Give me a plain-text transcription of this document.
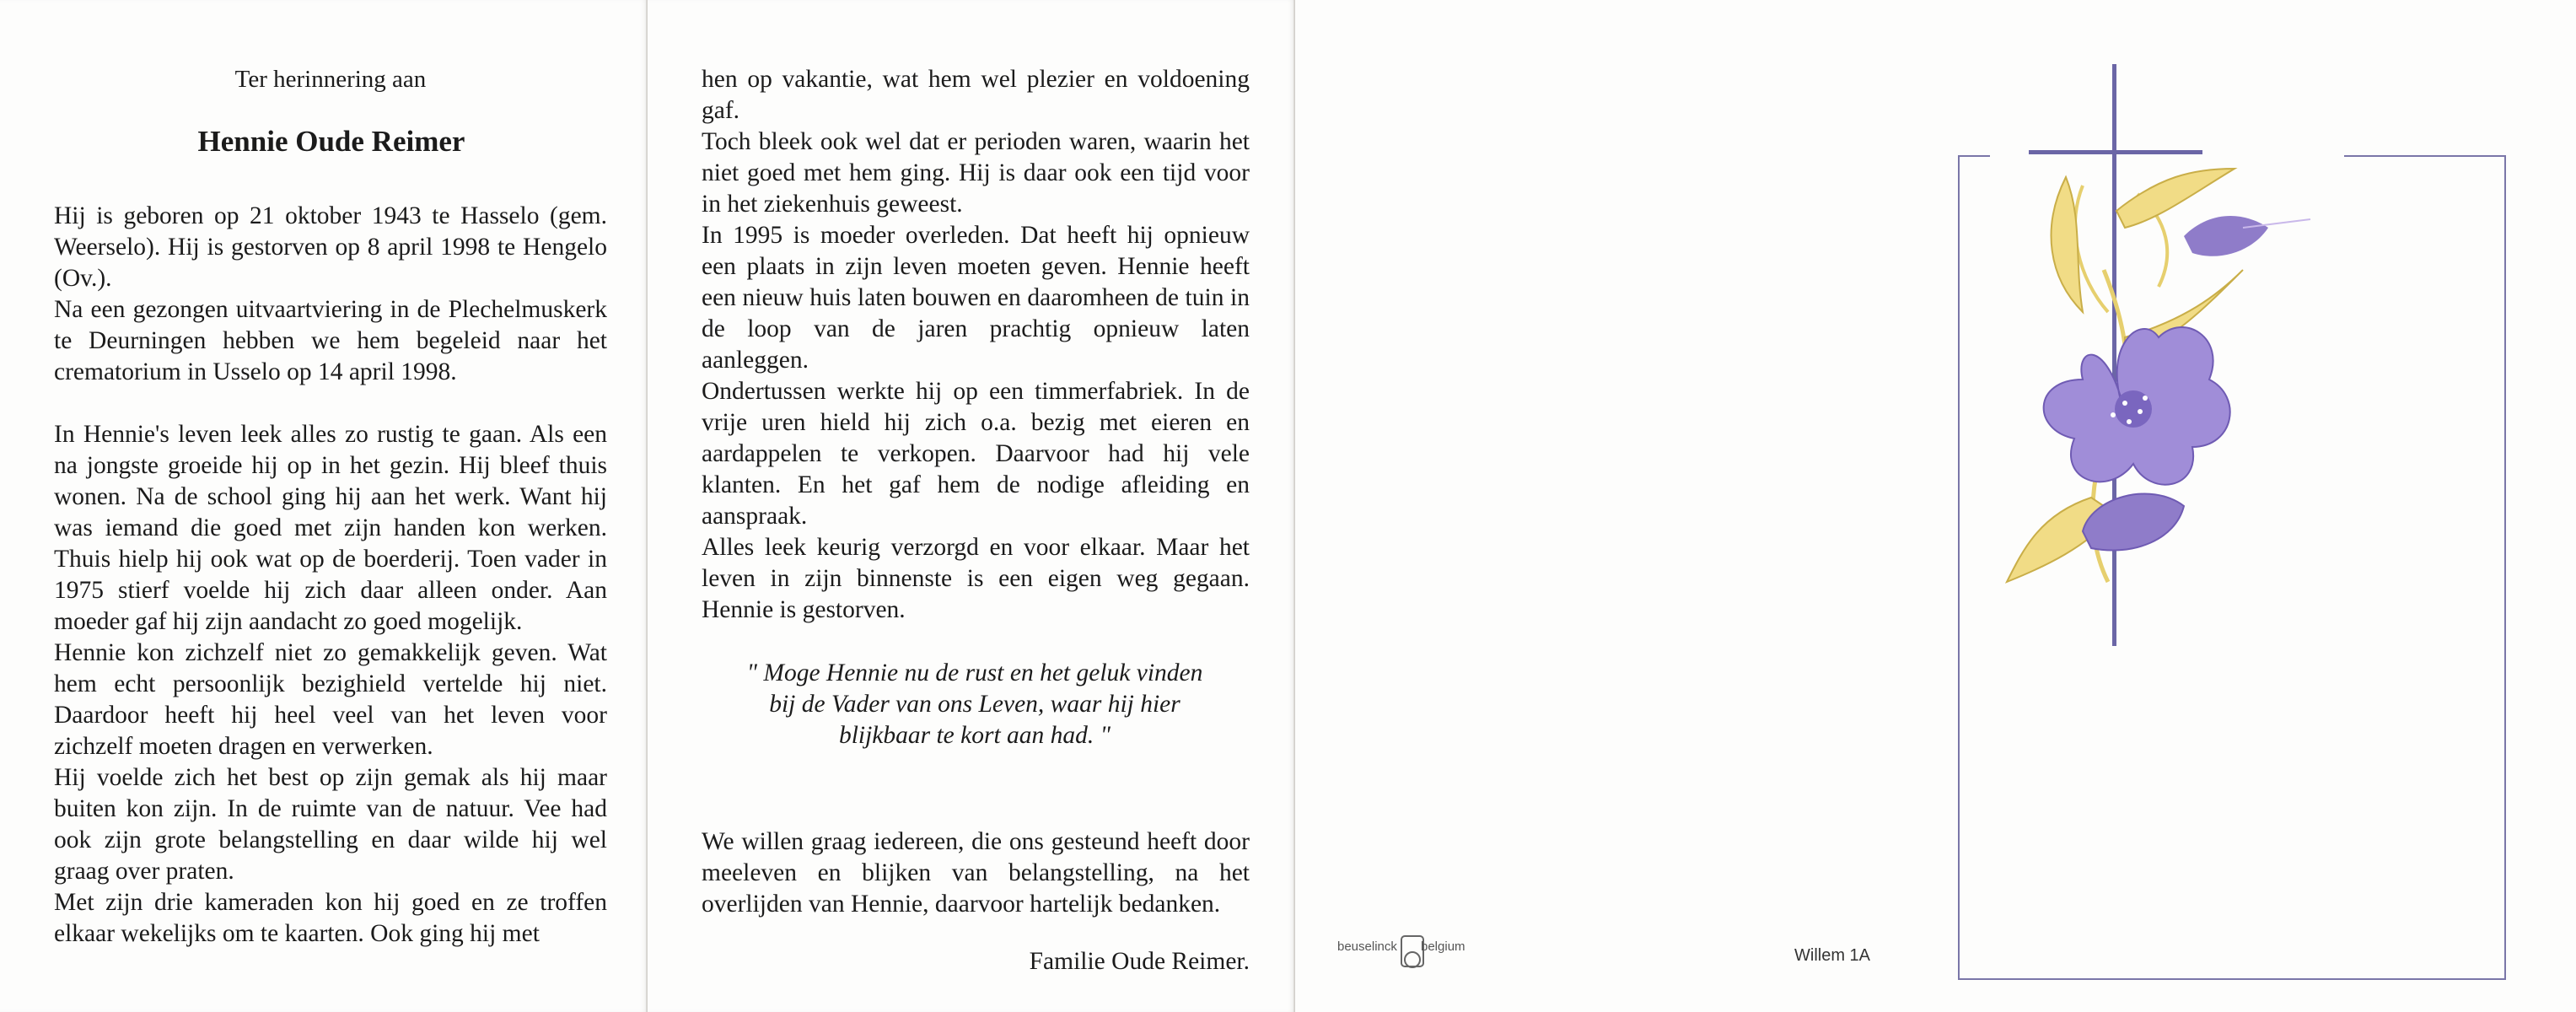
Ter herinnering aan
Hennie Oude Reimer

Hij is geboren op 21 oktober 1943 te Hasselo (gem. Weerselo). Hij is gestorven op 8 april 1998 te Hengelo (Ov.).

Na een gezongen uitvaartviering in de Plechelmuskerk te Deurningen hebben we hem begeleid naar het crematorium in Usselo op 14 april 1998.

In Hennie's leven leek alles zo rustig te gaan. Als een na jongste groeide hij op in het gezin. Hij bleef thuis wonen. Na de school ging hij aan het werk. Want hij was iemand die goed met zijn handen kon werken. Thuis hielp hij ook wat op de boerderij. Toen vader in 1975 stierf voelde hij zich daar alleen onder. Aan moeder gaf hij zijn aandacht zo goed mogelijk.

Hennie kon zichzelf niet zo gemakkelijk geven. Wat hem echt persoonlijk bezighield vertelde hij niet. Daardoor heeft hij heel veel van het leven voor zichzelf moeten dragen en verwerken.

Hij voelde zich het best op zijn gemak als hij maar buiten kon zijn. In de ruimte van de natuur. Vee had ook zijn grote belangstelling en daar wilde hij wel graag over praten.

Met zijn drie kameraden kon hij goed en ze troffen elkaar wekelijks om te kaarten. Ook ging hij met

hen op vakantie, wat hem wel plezier en voldoening gaf.

Toch bleek ook wel dat er perioden waren, waarin het niet goed met hem ging. Hij is daar ook een tijd voor in het ziekenhuis geweest.

In 1995 is moeder overleden. Dat heeft hij opnieuw een plaats in zijn leven moeten geven. Hennie heeft een nieuw huis laten bouwen en daaromheen de tuin in de loop van de jaren prachtig opnieuw laten aanleggen.

Ondertussen werkte hij op een timmerfabriek. In de vrije uren hield hij zich o.a. bezig met eieren en aardappelen te verkopen. Daarvoor had hij vele klanten. En het gaf hem de nodige afleiding en aanspraak.

Alles leek keurig verzorgd en voor elkaar. Maar het leven in zijn binnenste is een eigen weg gegaan. Hennie is gestorven.

" Moge Hennie nu de rust en het geluk vinden
bij de Vader van ons Leven, waar hij hier
blijkbaar te kort aan had. "

We willen graag iedereen, die ons gesteund heeft door meeleven en blijken van belangstelling, na het overlijden van Hennie, daarvoor hartelijk bedanken.

Familie Oude Reimer.
beuselinck belgium	Willem 1A
